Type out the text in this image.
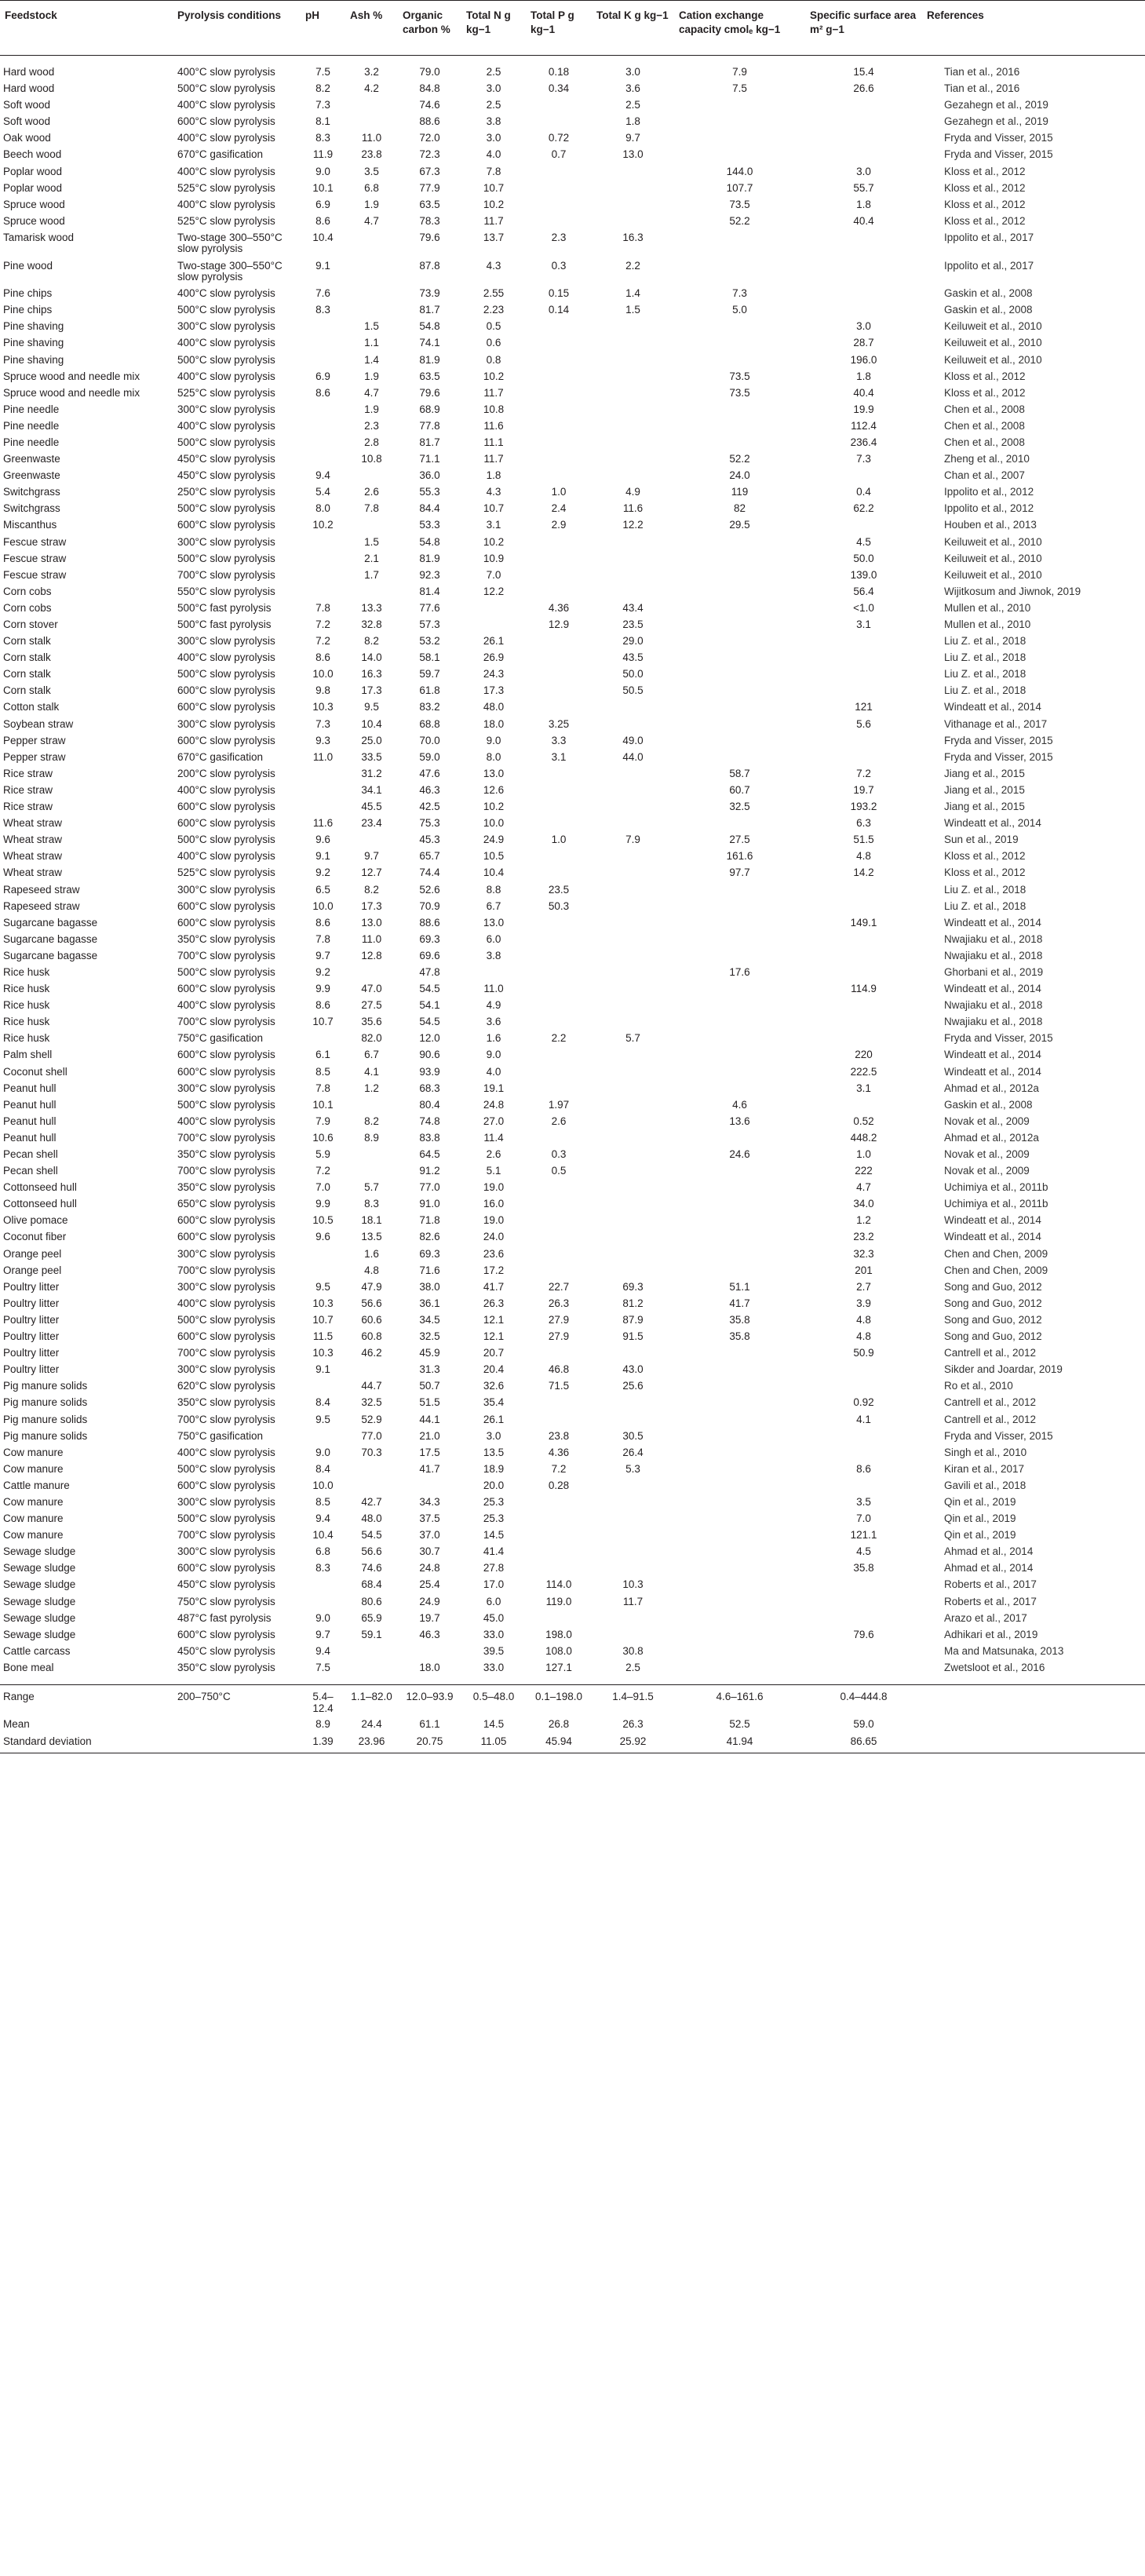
Feedstock	Pyrolysis conditions	pH	Ash %	Organic carbon %	Total N g kg−1	Total P g kg−1	Total K g kg−1	Cation exchange capacity cmolₑ kg−1	Specific surface area m² g−1	References
Hard wood	400°C slow pyrolysis	7.5	3.2	79.0	2.5	0.18	3.0	7.9	15.4	Tian et al., 2016
Hard wood	500°C slow pyrolysis	8.2	4.2	84.8	3.0	0.34	3.6	7.5	26.6	Tian et al., 2016
Soft wood	400°C slow pyrolysis	7.3		74.6	2.5		2.5			Gezahegn et al., 2019
Soft wood	600°C slow pyrolysis	8.1		88.6	3.8		1.8			Gezahegn et al., 2019
Oak wood	400°C slow pyrolysis	8.3	11.0	72.0	3.0	0.72	9.7			Fryda and Visser, 2015
Beech wood	670°C gasification	11.9	23.8	72.3	4.0	0.7	13.0			Fryda and Visser, 2015
Poplar wood	400°C slow pyrolysis	9.0	3.5	67.3	7.8			144.0	3.0	Kloss et al., 2012
Poplar wood	525°C slow pyrolysis	10.1	6.8	77.9	10.7			107.7	55.7	Kloss et al., 2012
Spruce wood	400°C slow pyrolysis	6.9	1.9	63.5	10.2			73.5	1.8	Kloss et al., 2012
Spruce wood	525°C slow pyrolysis	8.6	4.7	78.3	11.7			52.2	40.4	Kloss et al., 2012
Tamarisk wood	Two-stage 300–550°C slow pyrolysis	10.4		79.6	13.7	2.3	16.3			Ippolito et al., 2017
Pine wood	Two-stage 300–550°C slow pyrolysis	9.1		87.8	4.3	0.3	2.2			Ippolito et al., 2017
Pine chips	400°C slow pyrolysis	7.6		73.9	2.55	0.15	1.4	7.3		Gaskin et al., 2008
Pine chips	500°C slow pyrolysis	8.3		81.7	2.23	0.14	1.5	5.0		Gaskin et al., 2008
Pine shaving	300°C slow pyrolysis		1.5	54.8	0.5				3.0	Keiluweit et al., 2010
Pine shaving	400°C slow pyrolysis		1.1	74.1	0.6				28.7	Keiluweit et al., 2010
Pine shaving	500°C slow pyrolysis		1.4	81.9	0.8				196.0	Keiluweit et al., 2010
Spruce wood and needle mix	400°C slow pyrolysis	6.9	1.9	63.5	10.2			73.5	1.8	Kloss et al., 2012
Spruce wood and needle mix	525°C slow pyrolysis	8.6	4.7	79.6	11.7			73.5	40.4	Kloss et al., 2012
Pine needle	300°C slow pyrolysis		1.9	68.9	10.8				19.9	Chen et al., 2008
Pine needle	400°C slow pyrolysis		2.3	77.8	11.6				112.4	Chen et al., 2008
Pine needle	500°C slow pyrolysis		2.8	81.7	11.1				236.4	Chen et al., 2008
Greenwaste	450°C slow pyrolysis		10.8	71.1	11.7			52.2	7.3	Zheng et al., 2010
Greenwaste	450°C slow pyrolysis	9.4		36.0	1.8			24.0		Chan et al., 2007
Switchgrass	250°C slow pyrolysis	5.4	2.6	55.3	4.3	1.0	4.9	119	0.4	Ippolito et al., 2012
Switchgrass	500°C slow pyrolysis	8.0	7.8	84.4	10.7	2.4	11.6	82	62.2	Ippolito et al., 2012
Miscanthus	600°C slow pyrolysis	10.2		53.3	3.1	2.9	12.2	29.5		Houben et al., 2013
Fescue straw	300°C slow pyrolysis		1.5	54.8	10.2				4.5	Keiluweit et al., 2010
Fescue straw	500°C slow pyrolysis		2.1	81.9	10.9				50.0	Keiluweit et al., 2010
Fescue straw	700°C slow pyrolysis		1.7	92.3	7.0				139.0	Keiluweit et al., 2010
Corn cobs	550°C slow pyrolysis			81.4	12.2				56.4	Wijitkosum and Jiwnok, 2019
Corn cobs	500°C fast pyrolysis	7.8	13.3	77.6		4.36	43.4		<1.0	Mullen et al., 2010
Corn stover	500°C fast pyrolysis	7.2	32.8	57.3		12.9	23.5		3.1	Mullen et al., 2010
Corn stalk	300°C slow pyrolysis	7.2	8.2	53.2	26.1		29.0			Liu Z. et al., 2018
Corn stalk	400°C slow pyrolysis	8.6	14.0	58.1	26.9		43.5			Liu Z. et al., 2018
Corn stalk	500°C slow pyrolysis	10.0	16.3	59.7	24.3		50.0			Liu Z. et al., 2018
Corn stalk	600°C slow pyrolysis	9.8	17.3	61.8	17.3		50.5			Liu Z. et al., 2018
Cotton stalk	600°C slow pyrolysis	10.3	9.5	83.2	48.0				121	Windeatt et al., 2014
Soybean straw	300°C slow pyrolysis	7.3	10.4	68.8	18.0	3.25			5.6	Vithanage et al., 2017
Pepper straw	600°C slow pyrolysis	9.3	25.0	70.0	9.0	3.3	49.0			Fryda and Visser, 2015
Pepper straw	670°C gasification	11.0	33.5	59.0	8.0	3.1	44.0			Fryda and Visser, 2015
Rice straw	200°C slow pyrolysis		31.2	47.6	13.0			58.7	7.2	Jiang et al., 2015
Rice straw	400°C slow pyrolysis		34.1	46.3	12.6			60.7	19.7	Jiang et al., 2015
Rice straw	600°C slow pyrolysis		45.5	42.5	10.2			32.5	193.2	Jiang et al., 2015
Wheat straw	600°C slow pyrolysis	11.6	23.4	75.3	10.0				6.3	Windeatt et al., 2014
Wheat straw	500°C slow pyrolysis	9.6		45.3	24.9	1.0	7.9	27.5	51.5	Sun et al., 2019
Wheat straw	400°C slow pyrolysis	9.1	9.7	65.7	10.5			161.6	4.8	Kloss et al., 2012
Wheat straw	525°C slow pyrolysis	9.2	12.7	74.4	10.4			97.7	14.2	Kloss et al., 2012
Rapeseed straw	300°C slow pyrolysis	6.5	8.2	52.6	8.8	23.5				Liu Z. et al., 2018
Rapeseed straw	600°C slow pyrolysis	10.0	17.3	70.9	6.7	50.3				Liu Z. et al., 2018
Sugarcane bagasse	600°C slow pyrolysis	8.6	13.0	88.6	13.0				149.1	Windeatt et al., 2014
Sugarcane bagasse	350°C slow pyrolysis	7.8	11.0	69.3	6.0					Nwajiaku et al., 2018
Sugarcane bagasse	700°C slow pyrolysis	9.7	12.8	69.6	3.8					Nwajiaku et al., 2018
Rice husk	500°C slow pyrolysis	9.2		47.8				17.6		Ghorbani et al., 2019
Rice husk	600°C slow pyrolysis	9.9	47.0	54.5	11.0				114.9	Windeatt et al., 2014
Rice husk	400°C slow pyrolysis	8.6	27.5	54.1	4.9					Nwajiaku et al., 2018
Rice husk	700°C slow pyrolysis	10.7	35.6	54.5	3.6					Nwajiaku et al., 2018
Rice husk	750°C gasification		82.0	12.0	1.6	2.2	5.7			Fryda and Visser, 2015
Palm shell	600°C slow pyrolysis	6.1	6.7	90.6	9.0				220	Windeatt et al., 2014
Coconut shell	600°C slow pyrolysis	8.5	4.1	93.9	4.0				222.5	Windeatt et al., 2014
Peanut hull	300°C slow pyrolysis	7.8	1.2	68.3	19.1				3.1	Ahmad et al., 2012a
Peanut hull	500°C slow pyrolysis	10.1		80.4	24.8	1.97		4.6		Gaskin et al., 2008
Peanut hull	400°C slow pyrolysis	7.9	8.2	74.8	27.0	2.6		13.6	0.52	Novak et al., 2009
Peanut hull	700°C slow pyrolysis	10.6	8.9	83.8	11.4				448.2	Ahmad et al., 2012a
Pecan shell	350°C slow pyrolysis	5.9		64.5	2.6	0.3		24.6	1.0	Novak et al., 2009
Pecan shell	700°C slow pyrolysis	7.2		91.2	5.1	0.5			222	Novak et al., 2009
Cottonseed hull	350°C slow pyrolysis	7.0	5.7	77.0	19.0				4.7	Uchimiya et al., 2011b
Cottonseed hull	650°C slow pyrolysis	9.9	8.3	91.0	16.0				34.0	Uchimiya et al., 2011b
Olive pomace	600°C slow pyrolysis	10.5	18.1	71.8	19.0				1.2	Windeatt et al., 2014
Coconut fiber	600°C slow pyrolysis	9.6	13.5	82.6	24.0				23.2	Windeatt et al., 2014
Orange peel	300°C slow pyrolysis		1.6	69.3	23.6				32.3	Chen and Chen, 2009
Orange peel	700°C slow pyrolysis		4.8	71.6	17.2				201	Chen and Chen, 2009
Poultry litter	300°C slow pyrolysis	9.5	47.9	38.0	41.7	22.7	69.3	51.1	2.7	Song and Guo, 2012
Poultry litter	400°C slow pyrolysis	10.3	56.6	36.1	26.3	26.3	81.2	41.7	3.9	Song and Guo, 2012
Poultry litter	500°C slow pyrolysis	10.7	60.6	34.5	12.1	27.9	87.9	35.8	4.8	Song and Guo, 2012
Poultry litter	600°C slow pyrolysis	11.5	60.8	32.5	12.1	27.9	91.5	35.8	4.8	Song and Guo, 2012
Poultry litter	700°C slow pyrolysis	10.3	46.2	45.9	20.7				50.9	Cantrell et al., 2012
Poultry litter	300°C slow pyrolysis	9.1		31.3	20.4	46.8	43.0			Sikder and Joardar, 2019
Pig manure solids	620°C slow pyrolysis		44.7	50.7	32.6	71.5	25.6			Ro et al., 2010
Pig manure solids	350°C slow pyrolysis	8.4	32.5	51.5	35.4				0.92	Cantrell et al., 2012
Pig manure solids	700°C slow pyrolysis	9.5	52.9	44.1	26.1				4.1	Cantrell et al., 2012
Pig manure solids	750°C gasification		77.0	21.0	3.0	23.8	30.5			Fryda and Visser, 2015
Cow manure	400°C slow pyrolysis	9.0	70.3	17.5	13.5	4.36	26.4			Singh et al., 2010
Cow manure	500°C slow pyrolysis	8.4		41.7	18.9	7.2	5.3		8.6	Kiran et al., 2017
Cattle manure	600°C slow pyrolysis	10.0			20.0	0.28				Gavili et al., 2018
Cow manure	300°C slow pyrolysis	8.5	42.7	34.3	25.3				3.5	Qin et al., 2019
Cow manure	500°C slow pyrolysis	9.4	48.0	37.5	25.3				7.0	Qin et al., 2019
Cow manure	700°C slow pyrolysis	10.4	54.5	37.0	14.5				121.1	Qin et al., 2019
Sewage sludge	300°C slow pyrolysis	6.8	56.6	30.7	41.4				4.5	Ahmad et al., 2014
Sewage sludge	600°C slow pyrolysis	8.3	74.6	24.8	27.8				35.8	Ahmad et al., 2014
Sewage sludge	450°C slow pyrolysis		68.4	25.4	17.0	114.0	10.3			Roberts et al., 2017
Sewage sludge	750°C slow pyrolysis		80.6	24.9	6.0	119.0	11.7			Roberts et al., 2017
Sewage sludge	487°C fast pyrolysis	9.0	65.9	19.7	45.0					Arazo et al., 2017
Sewage sludge	600°C slow pyrolysis	9.7	59.1	46.3	33.0	198.0			79.6	Adhikari et al., 2019
Cattle carcass	450°C slow pyrolysis	9.4			39.5	108.0	30.8			Ma and Matsunaka, 2013
Bone meal	350°C slow pyrolysis	7.5		18.0	33.0	127.1	2.5			Zwetsloot et al., 2016
Range	200–750°C	5.4–12.4	1.1–82.0	12.0–93.9	0.5–48.0	0.1–198.0	1.4–91.5	4.6–161.6	0.4–444.8	
Mean		8.9	24.4	61.1	14.5	26.8	26.3	52.5	59.0	
Standard deviation		1.39	23.96	20.75	11.05	45.94	25.92	41.94	86.65	
